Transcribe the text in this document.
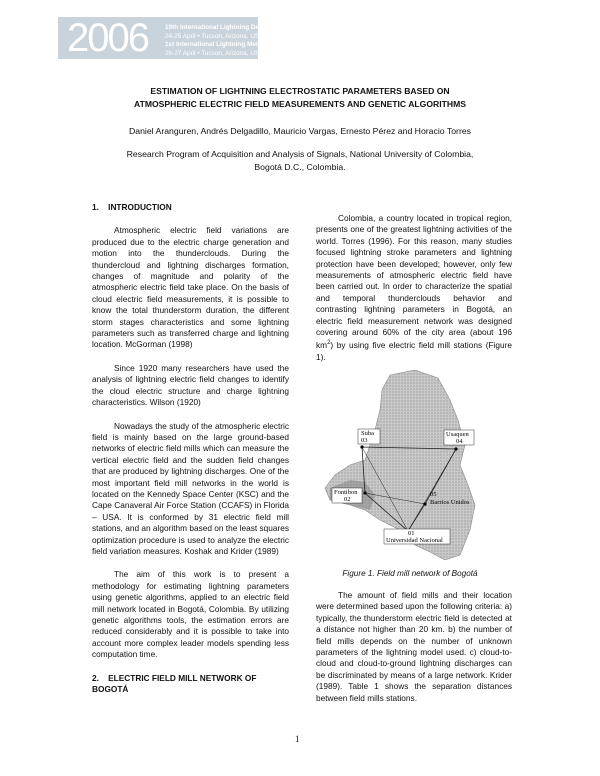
2006	19th International Lightning Detection Conference
24-25 April • Tucson, Arizona, USA
1st International Lightning Meteorology Conference
26-27 April • Tucson, Arizona, USA
ESTIMATION OF LIGHTNING ELECTROSTATIC PARAMETERS BASED ON
ATMOSPHERIC ELECTRIC FIELD MEASUREMENTS AND GENETIC ALGORITHMS
Daniel Aranguren, Andrés Delgadillo, Mauricio Vargas, Ernesto Pérez and Horacio Torres
Research Program of Acquisition and Analysis of Signals, National University of Colombia,
Bogotá D.C., Colombia.
1.    INTRODUCTION

Atmospheric electric field variations are produced due to the electric charge generation and motion into the thunderclouds. During the thundercloud and lightning discharges formation, changes of magnitude and polarity of the atmospheric electric field take place. On the basis of cloud electric field measurements, it is possible to know the total thunderstorm duration, the different storm stages characteristics and some lightning parameters such as transferred charge and lightning location. McGorman (1998)

Since 1920 many researchers have used the analysis of lightning electric field changes to identify the cloud electric structure and charge lightning characteristics. Wilson (1920)

Nowadays the study of the atmospheric electric field is mainly based on the large ground-based networks of electric field mills which can measure the vertical electric field and the sudden field changes that are produced by lightning discharges. One of the most important field mill networks in the world is located on the Kennedy Space Center (KSC) and the Cape Canaveral Air Force Station (CCAFS) in Florida – USA. It is conformed by 31 electric field mill stations, and an algorithm based on the least squares optimization procedure is used to analyze the electric field variation measures. Koshak and Krider (1989)

The aim of this work is to present a methodology for estimating lightning parameters using genetic algorithms, applied to an electric field mill network located in Bogotá, Colombia. By utilizing genetic algorithms tools, the estimation errors are reduced considerably and it is possible to take into account more complex leader models spending less computation time.

2.    ELECTRIC FIELD MILL NETWORK OF
BOGOTÁ

Colombia, a country located in tropical region, presents one of the greatest lightning activities of the world. Torres (1996). For this reason, many studies focused lightning stroke parameters and lightning protection have been developed; however, only few measurements of atmospheric electric field have been carried out. In order to characterize the spatial and temporal thunderclouds behavior and contrasting lightning parameters in Bogotá, an electric field measurement network was designed covering around 60% of the city area (about 196 $km^2$) by using five electric field mill stations (Figure 1).

Suba
03
Usaquen
04
Fontibon
02
05
Barrios Unidos
01
Universidad Nacional
Figure 1. Field mill network of Bogotá

The amount of field mills and their location were determined based upon the following criteria: a) typically, the thunderstorm electric field is detected at a distance not higher than 20 km. b) the number of field mills depends on the number of unknown parameters of the lightning model used. c) cloud-to-cloud and cloud-to-ground lightning discharges can be discriminated by means of a large network. Krider (1989). Table 1 shows the separation distances between field mills stations.

1
